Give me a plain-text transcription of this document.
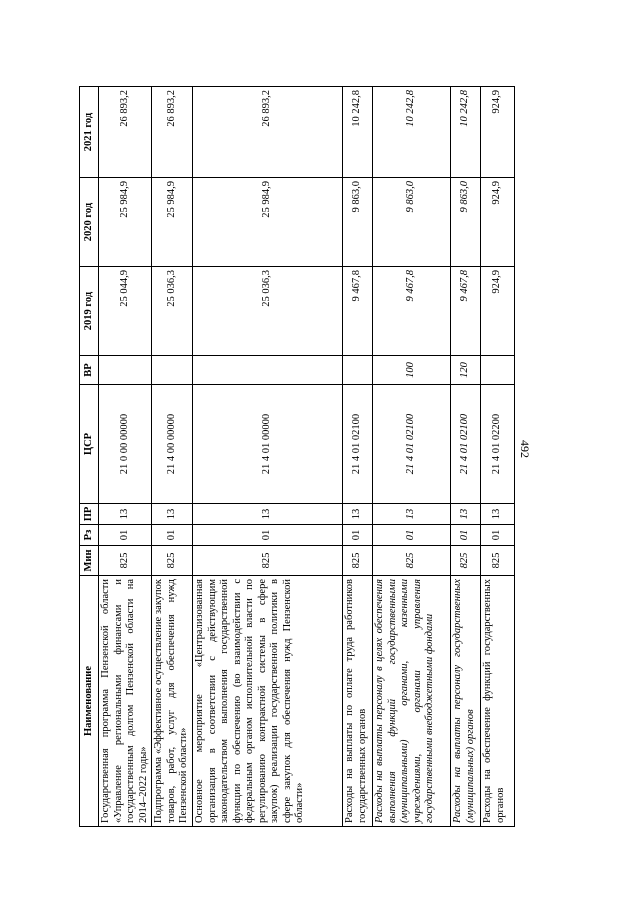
492
Наименование	Мин	Рз	ПР	ЦСР	ВР	2019 год	2020 год	2021 год
Государственная программа Пензенской области «Управление региональными финансами и государственным долгом Пензенской области на 2014–2022 годы»	825	01	13	21 0 00 00000		25 044,9	25 984,9	26 893,2
Подпрограмма «Эффективное осуществление закупок товаров, работ, услуг для обеспечения нужд Пензенской области»	825	01	13	21 4 00 00000		25 036,3	25 984,9	26 893,2
Основное мероприятие «Централизованная организация в соответствии с действующим законодательством выполнения государственной функции по обеспечению (во взаимодействии с федеральным органом исполнительной власти по регулированию контрактной системы в сфере закупок) реализации государственной политики в сфере закупок для обеспечения нужд Пензенской области»	825	01	13	21 4 01 00000		25 036,3	25 984,9	26 893,2
Расходы на выплаты по оплате труда работников государственных органов	825	01	13	21 4 01 02100		9 467,8	9 863,0	10 242,8
Расходы на выплаты персоналу в целях обеспечения выполнения функций государственными (муниципальными) органами, казенными учреждениями, органами управления государственными внебюджетными фондами	825	01	13	21 4 01 02100	100	9 467,8	9 863,0	10 242,8
Расходы на выплаты персоналу государственных (муниципальных) органов	825	01	13	21 4 01 02100	120	9 467,8	9 863,0	10 242,8
Расходы на обеспечение функций государственных органов	825	01	13	21 4 01 02200		924,9	924,9	924,9
